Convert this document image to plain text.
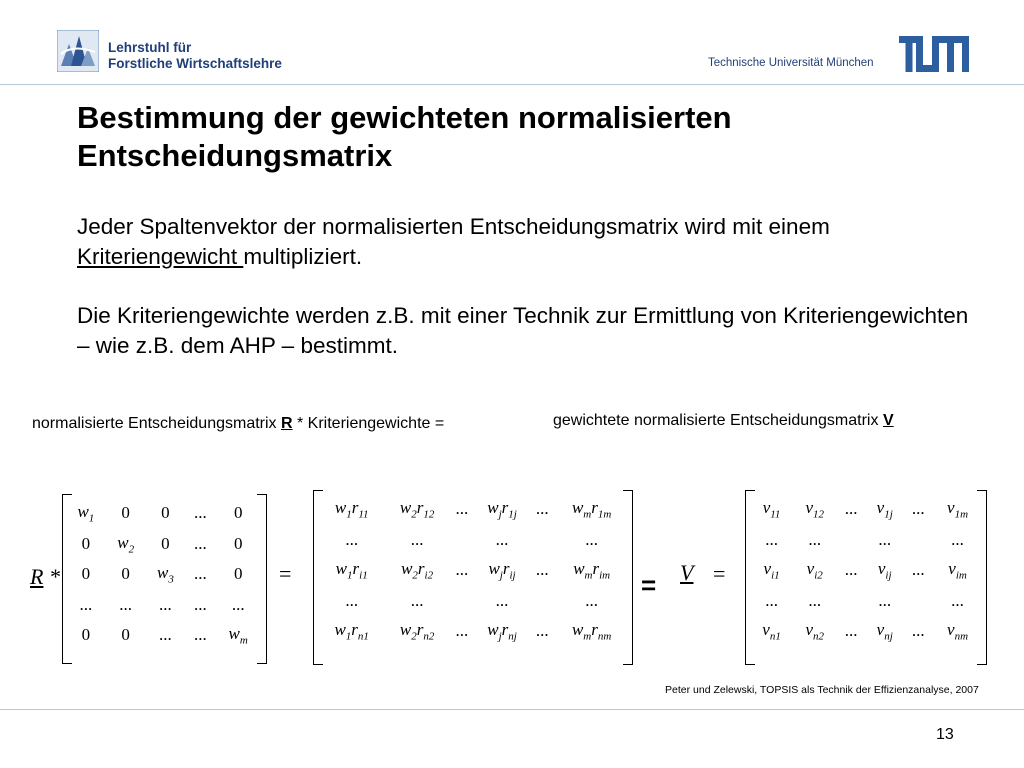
Lehrstuhl für
Forstliche Wirtschaftslehre	Technische Universität München
Bestimmung der gewichteten normalisierten Entscheidungsmatrix
Jeder Spaltenvektor der normalisierten Entscheidungsmatrix wird mit einem Kriteriengewicht multipliziert.
Die Kriteriengewichte werden z.B. mit einer Technik zur Ermittlung von Kriteriengewichten – wie z.B. dem AHP – bestimmt.
normalisierte Entscheidungsmatrix R * Kriteriengewichte =	gewichtete normalisierte Entscheidungsmatrix V
R *
$w_1$	0	0	...	0
0	$w_2$	0	...	0
0	0	$w_3$	...	0
...	...	...	...	...
0	0	...	...	$w_m$
=
$w_1r_{11}$	$w_2r_{12}$	...	$w_jr_{1j}$	...	$w_mr_{1m}$
...	...		...		...
$w_1r_{i1}$	$w_2r_{i2}$	...	$w_jr_{ij}$	...	$w_mr_{im}$
...	...		...		...
$w_1r_{n1}$	$w_2r_{n2}$	...	$w_jr_{nj}$	...	$w_mr_{nm}$
= V =
$v_{11}$	$v_{12}$	...	$v_{1j}$	...	$v_{1m}$
...	...		...		...
$v_{i1}$	$v_{i2}$	...	$v_{ij}$	...	$v_{im}$
...	...		...		...
$v_{n1}$	$v_{n2}$	...	$v_{nj}$	...	$v_{nm}$
Peter und Zelewski, TOPSIS als Technik der Effizienzanalyse, 2007
13
